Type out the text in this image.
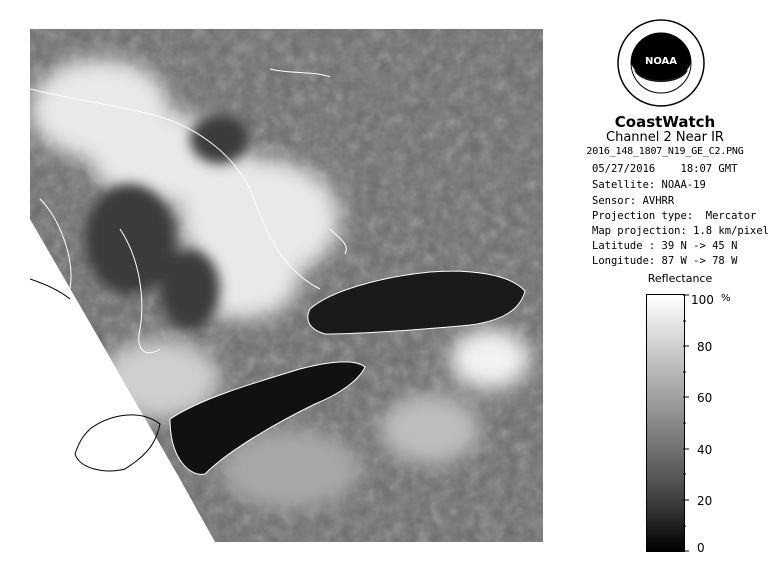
NOAA
CoastWatch
Channel 2 Near IR
2016_148_1807_N19_GE_C2.PNG
05/27/2016    18:07 GMT
Satellite: NOAA-19
Sensor: AVHRR
Projection type:  Mercator
Map projection: 1.8 km/pixel
Latitude : 39 N -> 45 N
Longitude: 87 W -> 78 W
Reflectance
100 %
80
60
40
20
0
